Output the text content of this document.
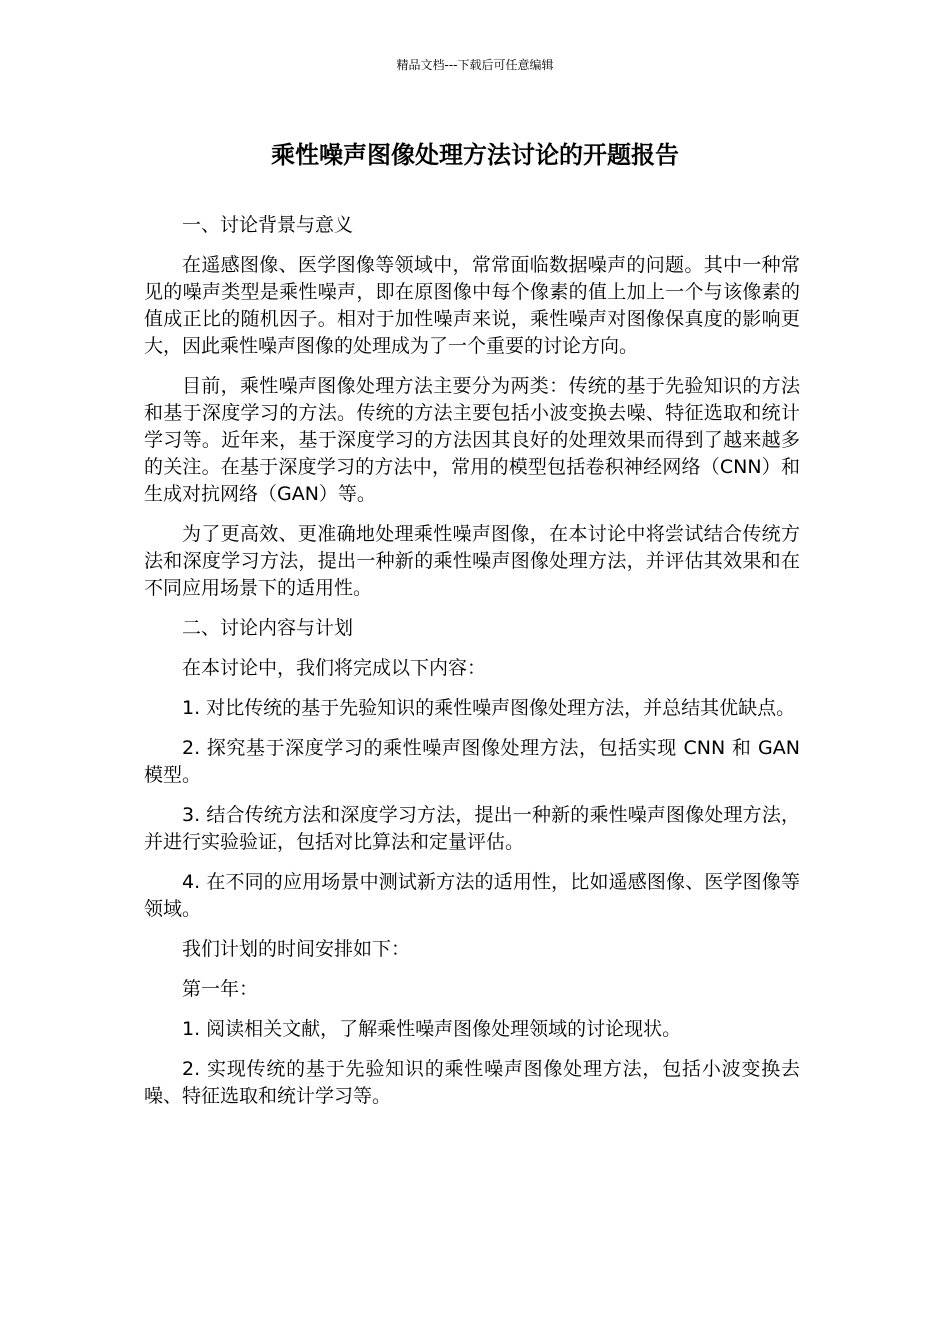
精品文档---下载后可任意编辑
乘性噪声图像处理方法讨论的开题报告

一、讨论背景与意义

在遥感图像、医学图像等领域中，常常面临数据噪声的问题。其中一种常见的噪声类型是乘性噪声，即在原图像中每个像素的值上加上一个与该像素的值成正比的随机因子。相对于加性噪声来说，乘性噪声对图像保真度的影响更大，因此乘性噪声图像的处理成为了一个重要的讨论方向。

目前，乘性噪声图像处理方法主要分为两类：传统的基于先验知识的方法和基于深度学习的方法。传统的方法主要包括小波变换去噪、特征选取和统计学习等。近年来，基于深度学习的方法因其良好的处理效果而得到了越来越多的关注。在基于深度学习的方法中，常用的模型包括卷积神经网络（CNN）和生成对抗网络（GAN）等。

为了更高效、更准确地处理乘性噪声图像，在本讨论中将尝试结合传统方法和深度学习方法，提出一种新的乘性噪声图像处理方法，并评估其效果和在不同应用场景下的适用性。

二、讨论内容与计划

在本讨论中，我们将完成以下内容：

1. 对比传统的基于先验知识的乘性噪声图像处理方法，并总结其优缺点。

2. 探究基于深度学习的乘性噪声图像处理方法，包括实现 CNN 和 GAN 模型。

3. 结合传统方法和深度学习方法，提出一种新的乘性噪声图像处理方法，并进行实验验证，包括对比算法和定量评估。

4. 在不同的应用场景中测试新方法的适用性，比如遥感图像、医学图像等领域。

我们计划的时间安排如下：

第一年：

1. 阅读相关文献，了解乘性噪声图像处理领域的讨论现状。

2. 实现传统的基于先验知识的乘性噪声图像处理方法，包括小波变换去噪、特征选取和统计学习等。
